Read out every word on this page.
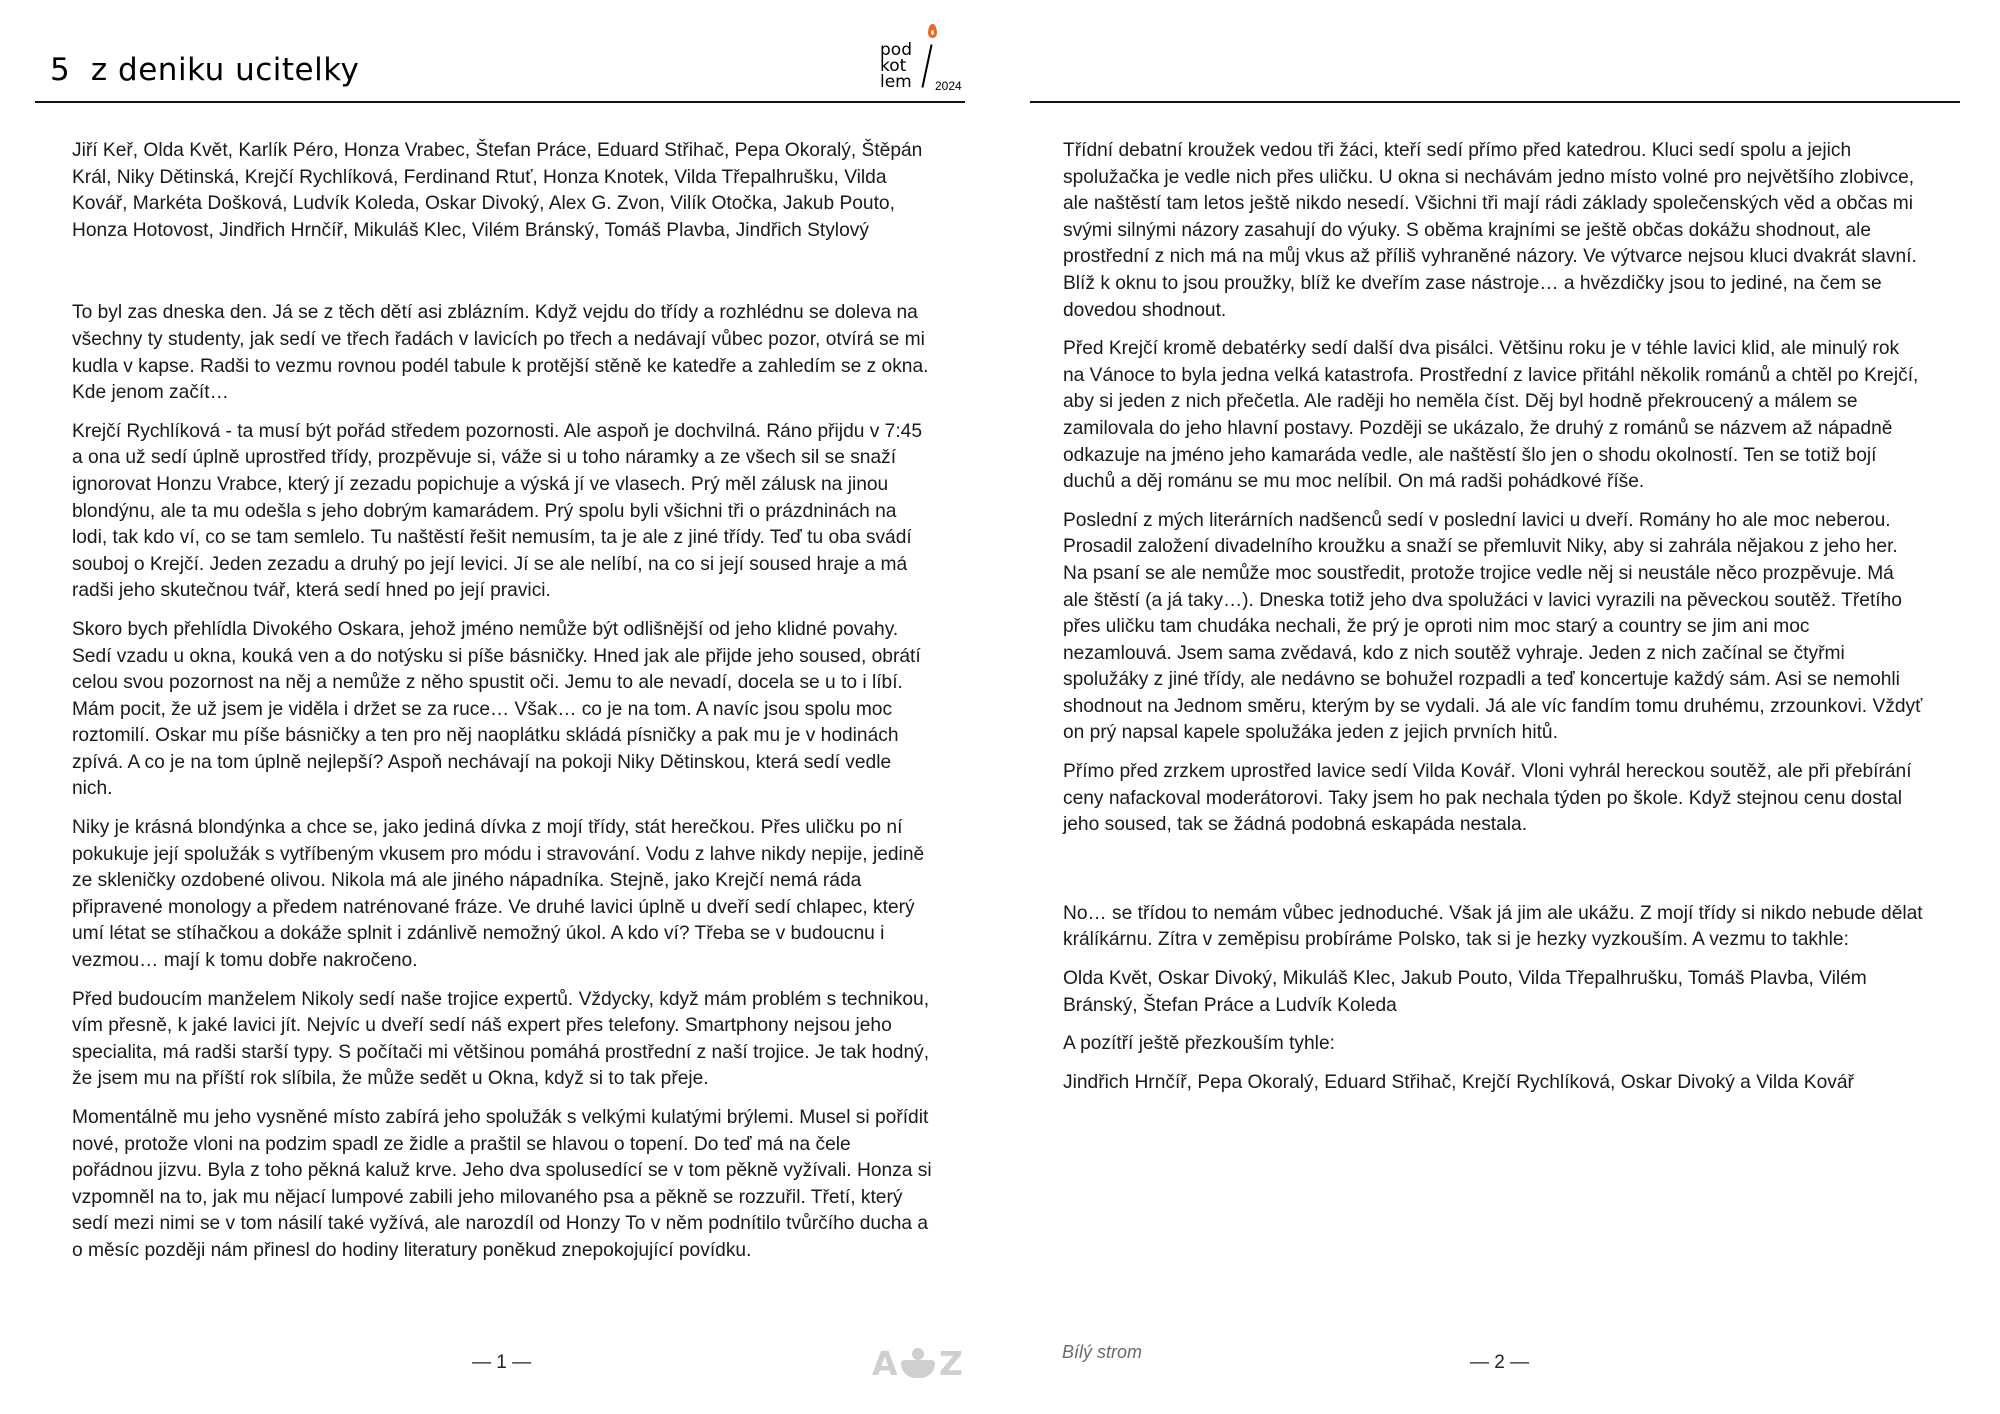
5  z deniku ucitelky
pod
kot
lem 2024

Jiří Keř, Olda Květ, Karlík Péro, Honza Vrabec, Štefan Práce, Eduard Střihač, Pepa Okoralý, Štěpán Král, Niky Dětinská, Krejčí Rychlíková, Ferdinand Rtuť, Honza Knotek, Vilda Třepalhrušku, Vilda Kovář, Markéta Došková, Ludvík Koleda, Oskar Divoký, Alex G. Zvon, Vilík Otočka, Jakub Pouto, Honza Hotovost, Jindřich Hrnčíř, Mikuláš Klec, Vilém Bránský, Tomáš Plavba, Jindřich Stylový

To byl zas dneska den. Já se z těch dětí asi zblázním. Když vejdu do třídy a rozhlédnu se doleva na všechny ty studenty, jak sedí ve třech řadách v lavicích po třech a nedávají vůbec pozor, otvírá se mi kudla v kapse. Radši to vezmu rovnou podél tabule k protější stěně ke katedře a zahledím se z okna. Kde jenom začít…

Krejčí Rychlíková - ta musí být pořád středem pozornosti. Ale aspoň je dochvilná. Ráno přijdu v 7:45 a ona už sedí úplně uprostřed třídy, prozpěvuje si, váže si u toho náramky a ze všech sil se snaží ignorovat Honzu Vrabce, který jí zezadu popichuje a výská jí ve vlasech. Prý měl zálusk na jinou blondýnu, ale ta mu odešla s jeho dobrým kamarádem. Prý spolu byli všichni tři o prázdninách na lodi, tak kdo ví, co se tam semlelo. Tu naštěstí řešit nemusím, ta je ale z jiné třídy. Teď tu oba svádí souboj o Krejčí. Jeden zezadu a druhý po její levici. Jí se ale nelíbí, na co si její soused hraje a má radši jeho skutečnou tvář, která sedí hned po její pravici.

Skoro bych přehlídla Divokého Oskara, jehož jméno nemůže být odlišnější od jeho klidné povahy. Sedí vzadu u okna, kouká ven a do notýsku si píše básničky. Hned jak ale přijde jeho soused, obrátí celou svou pozornost na něj a nemůže z něho spustit oči. Jemu to ale nevadí, docela se u to i líbí. Mám pocit, že už jsem je viděla i držet se za ruce… Však… co je na tom. A navíc jsou spolu moc roztomilí. Oskar mu píše básničky a ten pro něj naoplátku skládá písničky a pak mu je v hodinách zpívá. A co je na tom úplně nejlepší? Aspoň nechávají na pokoji Niky Dětinskou, která sedí vedle nich.

Niky je krásná blondýnka a chce se, jako jediná dívka z mojí třídy, stát herečkou. Přes uličku po ní pokukuje její spolužák s vytříbeným vkusem pro módu i stravování. Vodu z lahve nikdy nepije, jedině ze skleničky ozdobené olivou. Nikola má ale jiného nápadníka. Stejně, jako Krejčí nemá ráda připravené monology a předem natrénované fráze. Ve druhé lavici úplně u dveří sedí chlapec, který umí létat se stíhačkou a dokáže splnit i zdánlivě nemožný úkol. A kdo ví? Třeba se v budoucnu i vezmou… mají k tomu dobře nakročeno.

Před budoucím manželem Nikoly sedí naše trojice expertů. Vždycky, když mám problém s technikou, vím přesně, k jaké lavici jít. Nejvíc u dveří sedí náš expert přes telefony. Smartphony nejsou jeho specialita, má radši starší typy. S počítači mi většinou pomáhá prostřední z naší trojice. Je tak hodný, že jsem mu na příští rok slíbila, že může sedět u Okna, když si to tak přeje.

Momentálně mu jeho vysněné místo zabírá jeho spolužák s velkými kulatými brýlemi. Musel si pořídit nové, protože vloni na podzim spadl ze židle a praštil se hlavou o topení. Do teď má na čele pořádnou jizvu. Byla z toho pěkná kaluž krve. Jeho dva spolusedící se v tom pěkně vyžívali. Honza si vzpomněl na to, jak mu nějací lumpové zabili jeho milovaného psa a pěkně se rozzuřil. Třetí, který sedí mezi nimi se v tom násilí také vyžívá, ale narozdíl od Honzy To v něm podnítilo tvůrčího ducha a o měsíc později nám přinesl do hodiny literatury poněkud znepokojující povídku.

Třídní debatní kroužek vedou tři žáci, kteří sedí přímo před katedrou. Kluci sedí spolu a jejich spolužačka je vedle nich přes uličku. U okna si nechávám jedno místo volné pro největšího zlobivce, ale naštěstí tam letos ještě nikdo nesedí. Všichni tři mají rádi základy společenských věd a občas mi svými silnými názory zasahují do výuky. S oběma krajními se ještě občas dokážu shodnout, ale prostřední z nich má na můj vkus až příliš vyhraněné názory. Ve výtvarce nejsou kluci dvakrát slavní. Blíž k oknu to jsou proužky, blíž ke dveřím zase nástroje… a hvězdičky jsou to jediné, na čem se dovedou shodnout.

Před Krejčí kromě debatérky sedí další dva pisálci. Většinu roku je v téhle lavici klid, ale minulý rok na Vánoce to byla jedna velká katastrofa. Prostřední z lavice přitáhl několik románů a chtěl po Krejčí, aby si jeden z nich přečetla. Ale raději ho neměla číst. Děj byl hodně překroucený a málem se zamilovala do jeho hlavní postavy. Později se ukázalo, že druhý z románů se názvem až nápadně odkazuje na jméno jeho kamaráda vedle, ale naštěstí šlo jen o shodu okolností. Ten se totiž bojí duchů a děj románu se mu moc nelíbil. On má radši pohádkové říše.

Poslední z mých literárních nadšenců sedí v poslední lavici u dveří. Romány ho ale moc neberou. Prosadil založení divadelního kroužku a snaží se přemluvit Niky, aby si zahrála nějakou z jeho her. Na psaní se ale nemůže moc soustředit, protože trojice vedle něj si neustále něco prozpěvuje. Má ale štěstí (a já taky…). Dneska totiž jeho dva spolužáci v lavici vyrazili na pěveckou soutěž. Třetího přes uličku tam chudáka nechali, že prý je oproti nim moc starý a country se jim ani moc nezamlouvá. Jsem sama zvědavá, kdo z nich soutěž vyhraje. Jeden z nich začínal se čtyřmi spolužáky z jiné třídy, ale nedávno se bohužel rozpadli a teď koncertuje každý sám. Asi se nemohli shodnout na Jednom směru, kterým by se vydali. Já ale víc fandím tomu druhému, zrzounkovi. Vždyť on prý napsal kapele spolužáka jeden z jejich prvních hitů.

Přímo před zrzkem uprostřed lavice sedí Vilda Kovář. Vloni vyhrál hereckou soutěž, ale při přebírání ceny nafackoval moderátorovi. Taky jsem ho pak nechala týden po škole. Když stejnou cenu dostal jeho soused, tak se žádná podobná eskapáda nestala.

No… se třídou to nemám vůbec jednoduché. Však já jim ale ukážu. Z mojí třídy si nikdo nebude dělat králíkárnu. Zítra v zeměpisu probíráme Polsko, tak si je hezky vyzkouším. A vezmu to takhle:

Olda Květ, Oskar Divoký, Mikuláš Klec, Jakub Pouto, Vilda Třepalhrušku, Tomáš Plavba, Vilém Bránský, Štefan Práce a Ludvík Koleda

A pozítří ještě přezkouším tyhle:

Jindřich Hrnčíř, Pepa Okoralý, Eduard Střihač, Krejčí Rychlíková, Oskar Divoký a Vilda Kovář

— 1 —	A Z	Bílý strom	— 2 —
